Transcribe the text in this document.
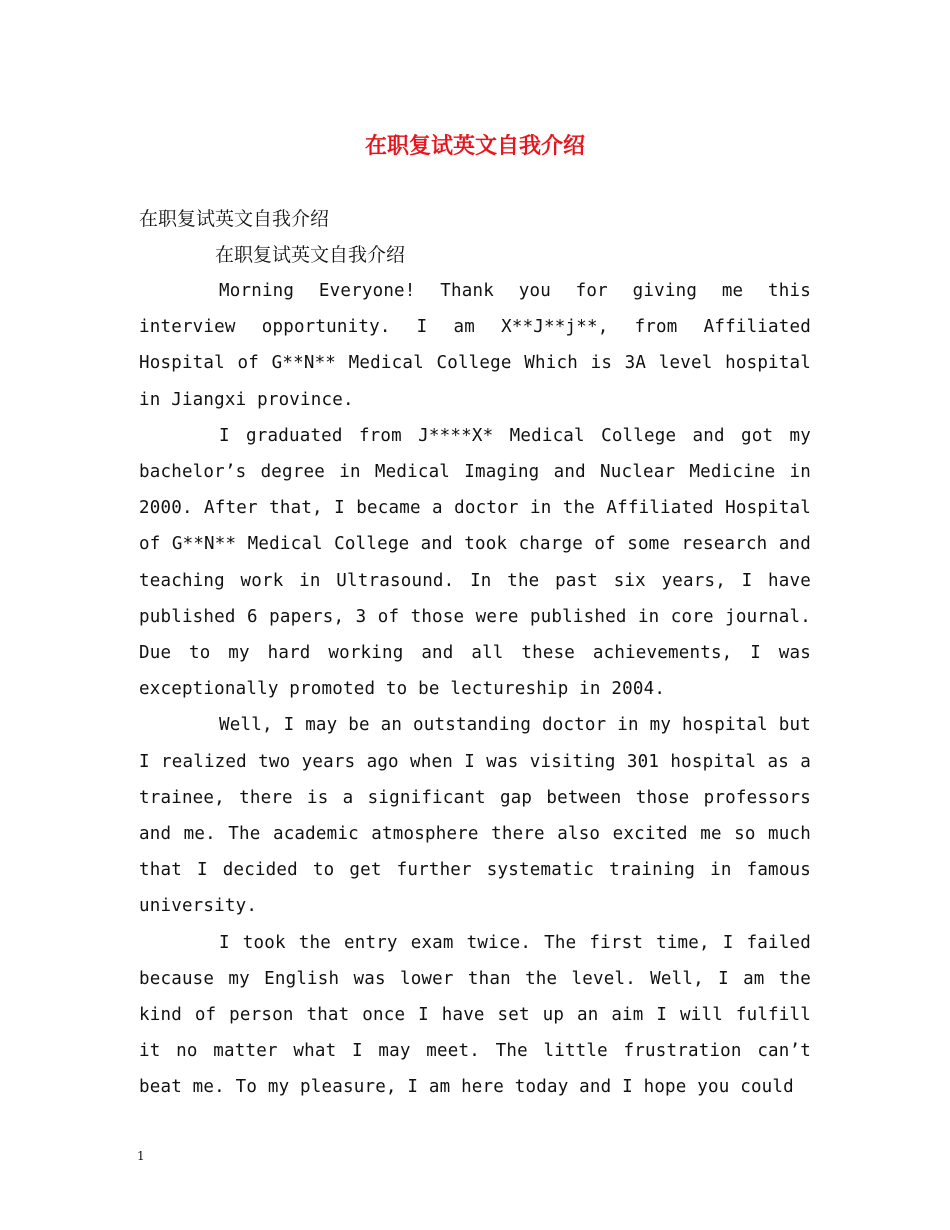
在职复试英文自我介绍
在职复试英文自我介绍
在职复试英文自我介绍

Morning Everyone! Thank you for giving me this interview opportunity. I am X**J**j**, from Affiliated Hospital of G**N** Medical College Which is 3A level hospital in Jiangxi province.

I graduated from J****X* Medical College and got my bachelor’s degree in Medical Imaging and Nuclear Medicine in 2000. After that, I became a doctor in the Affiliated Hospital of G**N** Medical College and took charge of some research and teaching work in Ultrasound. In the past six years, I have published 6 papers, 3 of those were published in core journal. Due to my hard working and all these achievements, I was exceptionally promoted to be lectureship in 2004.

Well, I may be an outstanding doctor in my hospital but I realized two years ago when I was visiting 301 hospital as a trainee, there is a significant gap between those professors and me. The academic atmosphere there also excited me so much that I decided to get further systematic training in famous university.

I took the entry exam twice. The first time, I failed because my English was lower than the level. Well, I am the kind of person that once I have set up an aim I will fulfill it no matter what I may meet. The little frustration can’t beat me. To my pleasure, I am here today and I hope you could

1
